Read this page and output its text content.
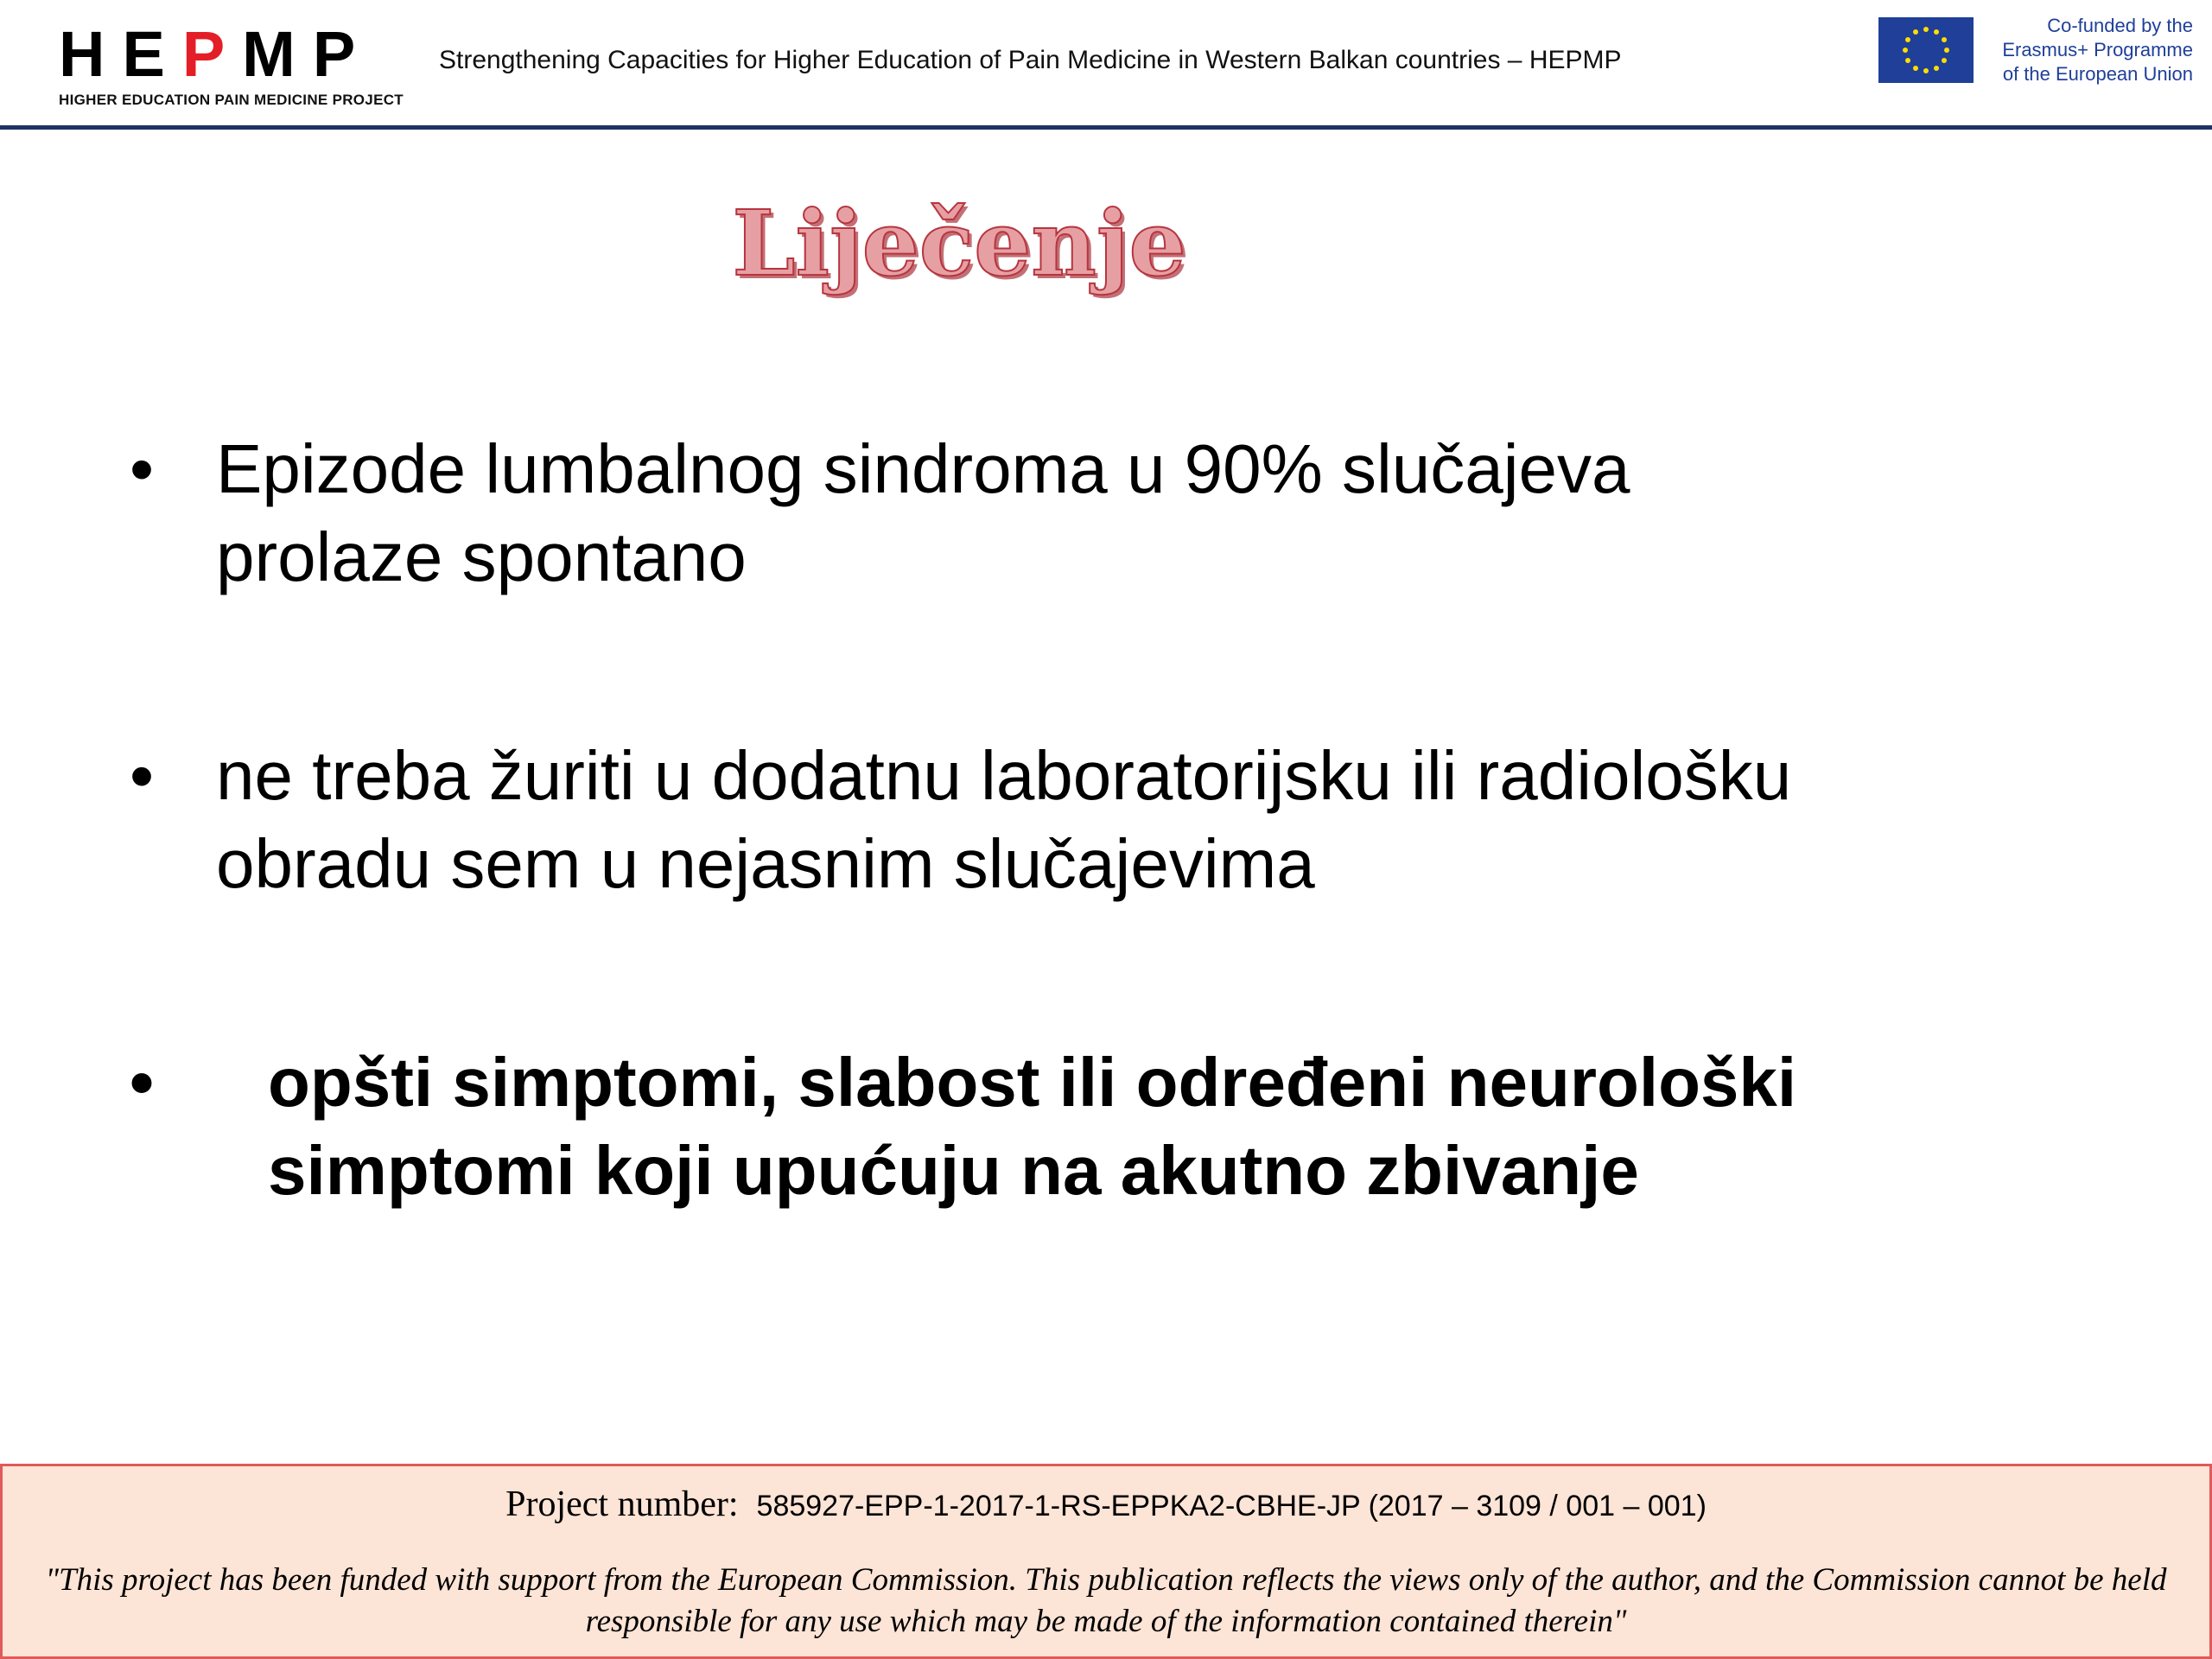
HEPMP
HIGHER EDUCATION PAIN MEDICINE PROJECT
Strengthening Capacities for Higher Education of Pain Medicine in Western Balkan countries – HEPMP
Co-funded by the
Erasmus+ Programme
of the European Union
Liječenje
• Epizode lumbalnog sindroma u 90% slučajeva
prolaze spontano
• ne treba žuriti u dodatnu laboratorijsku ili radiološku
obradu sem u nejasnim slučajevima
• opšti simptomi, slabost ili određeni neurološki
simptomi koji upućuju na akutno zbivanje
Project number: 585927-EPP-1-2017-1-RS-EPPKA2-CBHE-JP (2017 – 3109 / 001 – 001)
"This project has been funded with support from the European Commission. This publication reflects the views only of the author, and the Commission cannot be held responsible for any use which may be made of the information contained therein"
